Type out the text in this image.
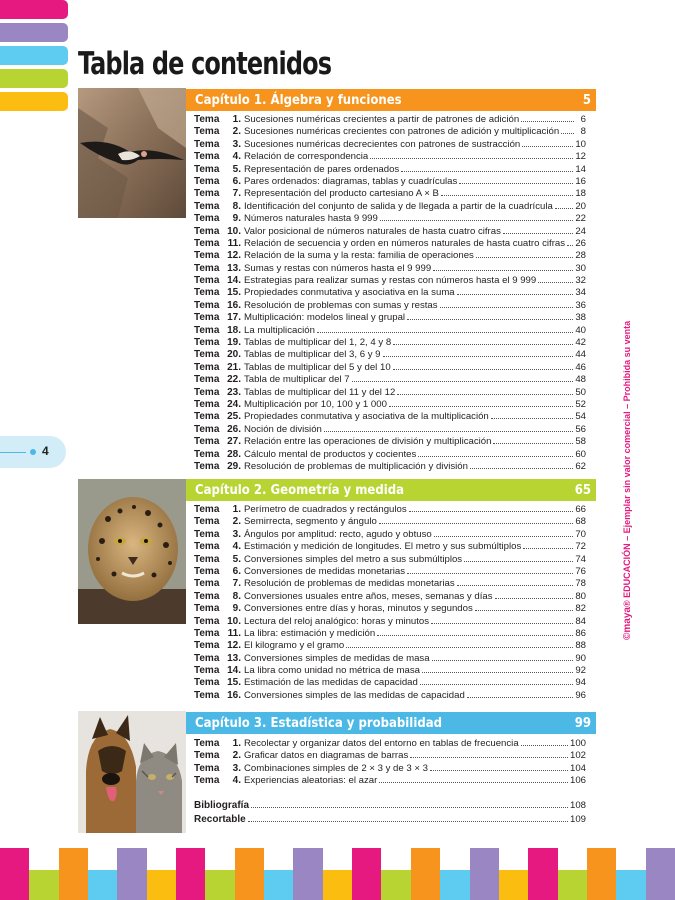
Tabla de contenidos
Capítulo 1. Álgebra y funciones	5
Tema	1. Sucesiones numéricas crecientes a partir de patrones de adición	6
Tema	2. Sucesiones numéricas crecientes con patrones de adición y multiplicación	8
Tema	3. Sucesiones numéricas decrecientes con patrones de sustracción	10
Tema	4. Relación de correspondencia	12
Tema	5. Representación de pares ordenados	14
Tema	6. Pares ordenados: diagramas, tablas y cuadrículas	16
Tema	7. Representación del producto cartesiano A × B	18
Tema	8. Identificación del conjunto de salida y de llegada a partir de la cuadrícula 20
Tema	9. Números naturales hasta 9 999	22
Tema 10. Valor posicional de números naturales de hasta cuatro cifras	24
Tema 11. Relación de secuencia y orden en números naturales de hasta cuatro cifras 26
Tema 12. Relación de la suma y la resta: familia de operaciones	28
Tema 13. Sumas y restas con números hasta el 9 999	30
Tema 14. Estrategias para realizar sumas y restas con números hasta el 9 999	32
Tema 15. Propiedades conmutativa y asociativa en la suma	34
Tema 16. Resolución de problemas con sumas y restas	36
Tema 17. Multiplicación: modelos lineal y grupal	38
Tema 18. La multiplicación	40
Tema 19. Tablas de multiplicar del 1, 2, 4 y 8	42
Tema 20. Tablas de multiplicar del 3, 6 y 9	44
Tema 21. Tablas de multiplicar del 5 y del 10	46
Tema 22. Tabla de multiplicar del 7	48
Tema 23. Tablas de multiplicar del 11 y del 12	50
Tema 24. Multiplicación por 10, 100 y 1 000	52
Tema 25. Propiedades conmutativa y asociativa de la multiplicación	54
Tema 26. Noción de división	56
Tema 27. Relación entre las operaciones de división y multiplicación	58
Tema 28. Cálculo mental de productos y cocientes	60
Tema 29. Resolución de problemas de multiplicación y división	62
Capítulo 2. Geometría y medida	65
Tema	1. Perímetro de cuadrados y rectángulos	66
Tema	2. Semirrecta, segmento y ángulo	68
Tema	3. Ángulos por amplitud: recto, agudo y obtuso	70
Tema	4. Estimación y medición de longitudes. El metro y sus submúltiplos	72
Tema	5. Conversiones simples del metro a sus submúltiplos	74
Tema	6. Conversiones de medidas monetarias	76
Tema	7. Resolución de problemas de medidas monetarias	78
Tema	8. Conversiones usuales entre años, meses, semanas y días	80
Tema	9. Conversiones entre días y horas, minutos y segundos	82
Tema 10. Lectura del reloj analógico: horas y minutos	84
Tema 11. La libra: estimación y medición	86
Tema 12. El kilogramo y el gramo	88
Tema 13. Conversiones simples de medidas de masa	90
Tema 14. La libra como unidad no métrica de masa	92
Tema 15. Estimación de las medidas de capacidad	94
Tema 16. Conversiones simples de las medidas de capacidad	96
Capítulo 3. Estadística y probabilidad	99
Tema	1. Recolectar y organizar datos del entorno en tablas de frecuencia	100
Tema	2. Graficar datos en diagramas de barras	102
Tema	3. Combinaciones simples de 2 × 3 y de 3 × 3	104
Tema	4. Experiencias aleatorias: el azar	106
Bibliografía	108
Recortable	109
4
©maya® EDUCACIÓN – Ejemplar sin valor comercial – Prohibida su venta
